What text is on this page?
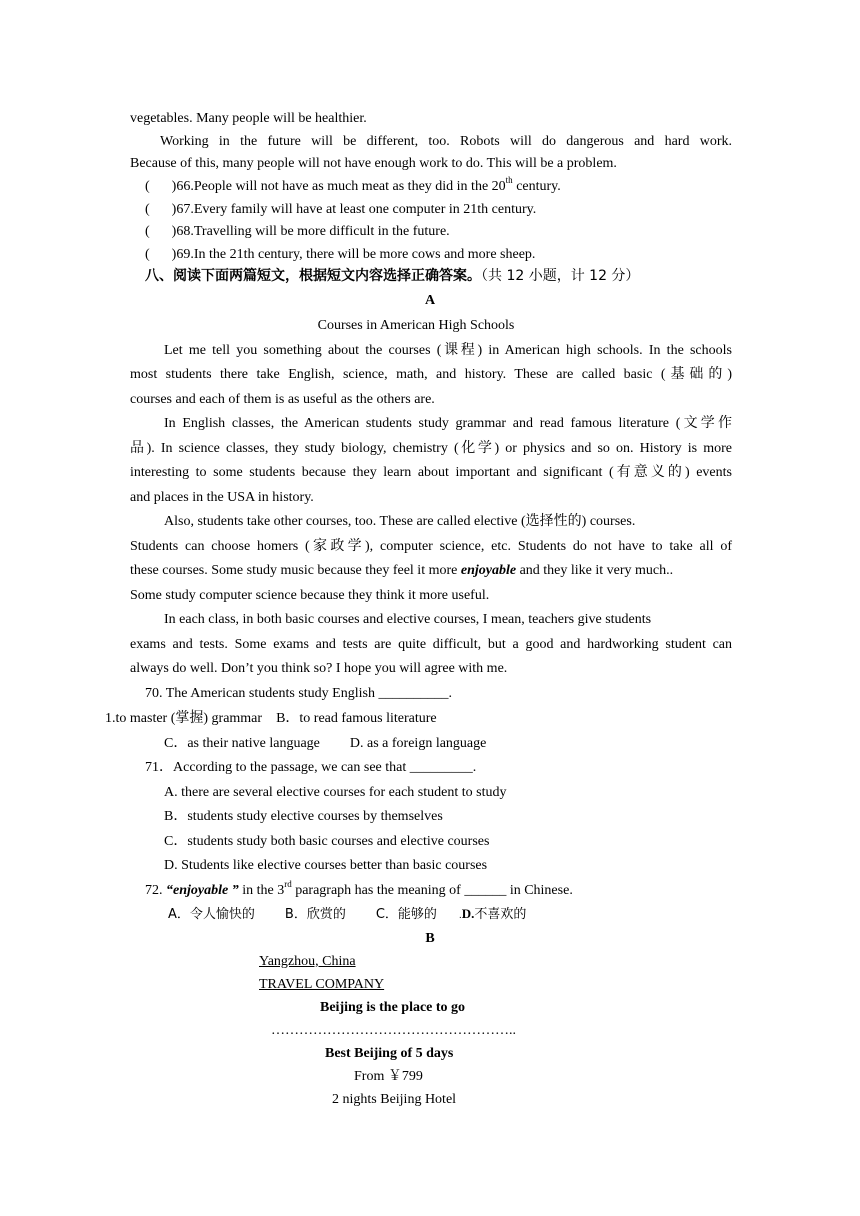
vegetables. Many people will be healthier.
Working in the future will be different, too. Robots will do dangerous and hard work.
Because of this, many people will not have enough work to do. This will be a problem.
( )66.People will not have as much meat as they did in the 20th century.
( )67.Every family will have at least one computer in 21th century.
( )68.Travelling will be more difficult in the future.
( )69.In the 21th century, there will be more cows and more sheep.
八、阅读下面两篇短文，根据短文内容选择正确答案。（共 12 小题，计 12 分）
A
Courses in American High Schools
Let me tell you something about the courses (课程) in American high schools. In the schools
most students there take English, science, math, and history. These are called basic (基础的)
courses and each of them is as useful as the others are.
In English classes, the American students study grammar and read famous literature (文学作
品). In science classes, they study biology, chemistry (化学) or physics and so on. History is more
interesting to some students because they learn about important and significant (有意义的) events
and places in the USA in history.
Also, students take other courses, too. These are called elective (选择性的) courses.
Students can choose homers (家政学), computer science, etc. Students do not have to take all of
these courses. Some study music because they feel it more enjoyable and they like it very much..
Some study computer science because they think it more useful.
In each class, in both basic courses and elective courses, I mean, teachers give students
exams and tests. Some exams and tests are quite difficult, but a good and hardworking student can
always do well. Don’t you think so? I hope you will agree with me.
70. The American students study English __________.
1.to master (掌握) grammar B．to read famous literature
C．as their native language D. as a foreign language
71．According to the passage, we can see that _________.
A. there are several elective courses for each student to study
B．students study elective courses by themselves
C．students study both basic courses and elective courses
D. Students like elective courses better than basic courses
72. “enjoyable ” in the 3rd paragraph has the meaning of ______ in Chinese.
A．令人愉快的 B．欣赏的 C．能够的 .D.不喜欢的
B
Yangzhou, China
TRAVEL COMPANY
Beijing is the place to go
……………………………………………..
Best Beijing of 5 days
From ￥799
2 nights Beijing Hotel
